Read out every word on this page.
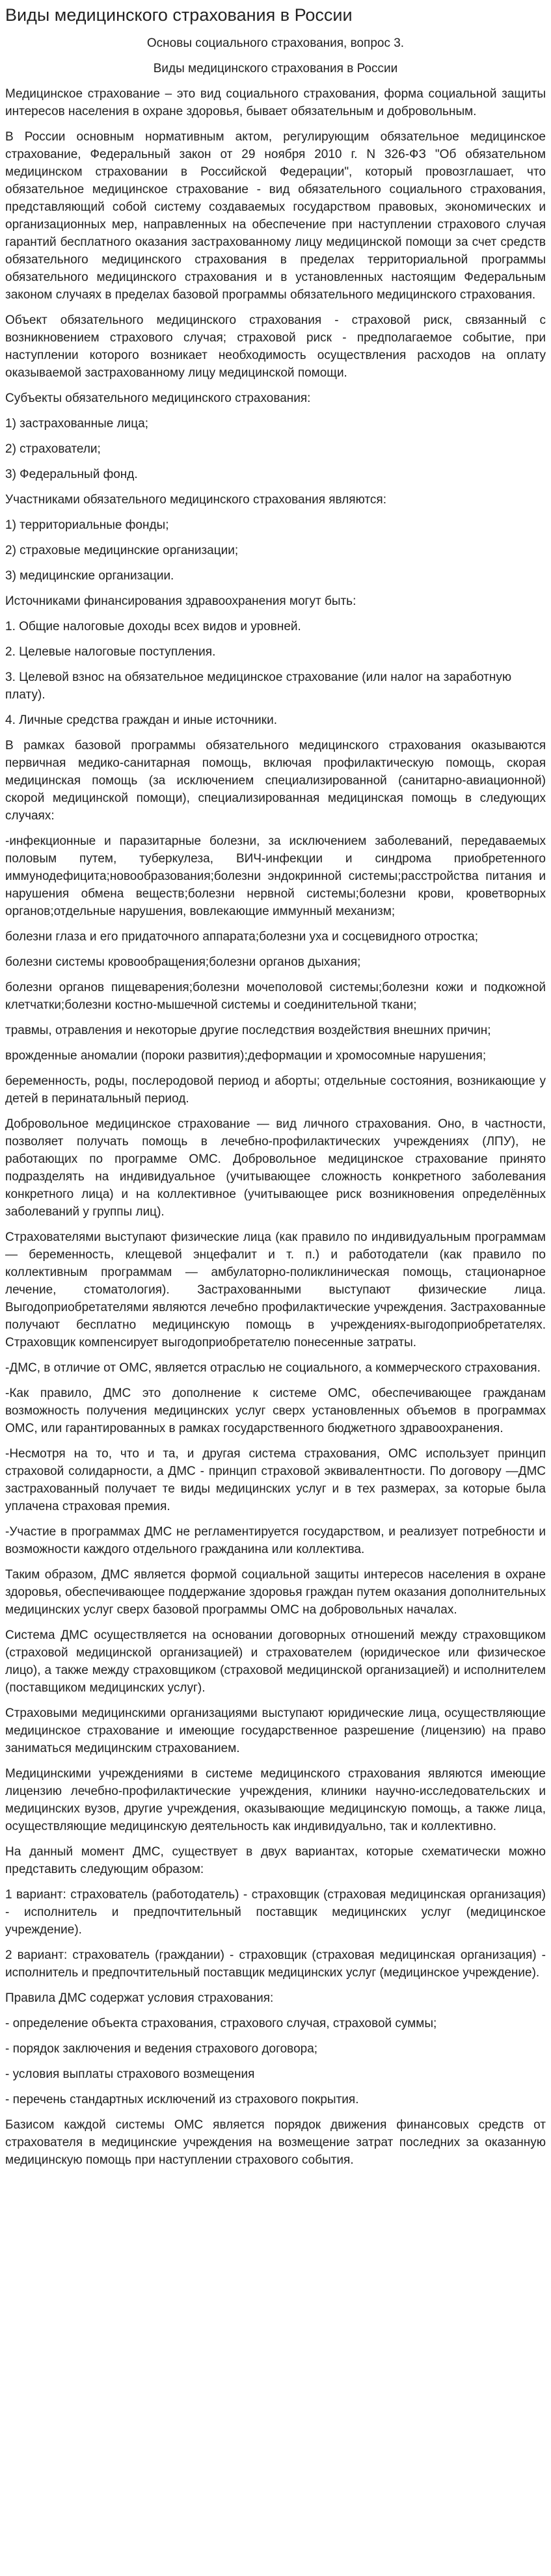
Виды медицинского страхования в России
Основы социального страхования, вопрос 3.
Виды медицинского страхования в России

Медицинское страхование – это вид социального страхования, форма социальной защиты интересов населения в охране здоровья, бывает обязательным и добровольным.

В России основным нормативным актом, регулирующим обязательное медицинское страхование, Федеральный закон от 29 ноября 2010 г. N 326-ФЗ "Об обязательном медицинском страховании в Российской Федерации", который провозглашает, что обязательное медицинское страхование - вид обязательного социального страхования, представляющий собой систему создаваемых государством правовых, экономических и организационных мер, направленных на обеспечение при наступлении страхового случая гарантий бесплатного оказания застрахованному лицу медицинской помощи за счет средств обязательного медицинского страхования в пределах территориальной программы обязательного медицинского страхования и в установленных настоящим Федеральным законом случаях в пределах базовой программы обязательного медицинского страхования.

Объект обязательного медицинского страхования - страховой риск, связанный с возникновением страхового случая; страховой риск - предполагаемое событие, при наступлении которого возникает необходимость осуществления расходов на оплату оказываемой застрахованному лицу медицинской помощи.

Субъекты обязательного медицинского страхования:

1) застрахованные лица;

2) страхователи;

3) Федеральный фонд.

Участниками обязательного медицинского страхования являются:

1) территориальные фонды;

2) страховые медицинские организации;

3) медицинские организации.

Источниками финансирования здравоохранения могут быть:

1. Общие налоговые доходы всех видов и уровней.

2. Целевые налоговые поступления.

3. Целевой взнос на обязательное медицинское страхование (или налог на заработную плату).

4. Личные средства граждан и иные источники.

В рамках базовой программы обязательного медицинского страхования оказываются первичная медико-санитарная помощь, включая профилактическую помощь, скорая медицинская помощь (за исключением специализированной (санитарно-авиационной) скорой медицинской помощи), специализированная медицинская помощь в следующих случаях:

-инфекционные и паразитарные болезни, за исключением заболеваний, передаваемых половым путем, туберкулеза, ВИЧ-инфекции и синдрома приобретенного иммунодефицита;новообразования;болезни эндокринной системы;расстройства питания и нарушения обмена веществ;болезни нервной системы;болезни крови, кроветворных органов;отдельные нарушения, вовлекающие иммунный механизм;

болезни глаза и его придаточного аппарата;болезни уха и сосцевидного отростка;

болезни системы кровообращения;болезни органов дыхания;

болезни органов пищеварения;болезни мочеполовой системы;болезни кожи и подкожной клетчатки;болезни костно-мышечной системы и соединительной ткани;

травмы, отравления и некоторые другие последствия воздействия внешних причин;

врожденные аномалии (пороки развития);деформации и хромосомные нарушения;

беременность, роды, послеродовой период и аборты; отдельные состояния, возникающие у детей в перинатальный период.

Добровольное медицинское страхование — вид личного страхования. Оно, в частности, позволяет получать помощь в лечебно-профилактических учреждениях (ЛПУ), не работающих по программе ОМС. Добровольное медицинское страхование принято подразделять на индивидуальное (учитывающее сложность конкретного заболевания конкретного лица) и на коллективное (учитывающее риск возникновения определённых заболеваний у группы лиц).

Страхователями выступают физические лица (как правило по индивидуальным программам — беременность, клещевой энцефалит и т. п.) и работодатели (как правило по коллективным программам — амбулаторно-поликлиническая помощь, стационарное лечение, стоматология). Застрахованными выступают физические лица. Выгодоприобретателями являются лечебно профилактические учреждения. Застрахованные получают бесплатно медицинскую помощь в учреждениях-выгодоприобретателях. Страховщик компенсирует выгодоприобретателю понесенные затраты.

-ДМС, в отличие от ОМС, является отраслью не социального, а коммерческого страхования.

-Как правило, ДМС это дополнение к системе ОМС, обеспечивающее гражданам возможность получения медицинских услуг сверх установленных объемов в программах ОМС, или гарантированных в рамках государственного бюджетного здравоохранения.

-Несмотря на то, что и та, и другая система страхования, ОМС использует принцип страховой солидарности, а ДМС - принцип страховой эквивалентности. По договору —ДМС застрахованный получает те виды медицинских услуг и в тех размерах, за которые была уплачена страховая премия.

-Участие в программах ДМС не регламентируется государством, и реализует потребности и возможности каждого отдельного гражданина или коллектива.

Таким образом, ДМС является формой социальной защиты интересов населения в охране здоровья, обеспечивающее поддержание здоровья граждан путем оказания дополнительных медицинских услуг сверх базовой программы ОМС на добровольных началах.

Система ДМС осуществляется на основании договорных отношений между страховщиком (страховой медицинской организацией) и страхователем (юридическое или физическое лицо), а также между страховщиком (страховой медицинской организацией) и исполнителем (поставщиком медицинских услуг).

Страховыми медицинскими организациями выступают юридические лица, осуществляющие медицинское страхование и имеющие государственное разрешение (лицензию) на право заниматься медицинским страхованием.

Медицинскими учреждениями в системе медицинского страхования являются имеющие лицензию лечебно-профилактические учреждения, клиники научно-исследовательских и медицинских вузов, другие учреждения, оказывающие медицинскую помощь, а также лица, осуществляющие медицинскую деятельность как индивидуально, так и коллективно.

На данный момент ДМС, существует в двух вариантах, которые схематически можно представить следующим образом:

1 вариант: страхователь (работодатель) - страховщик (страховая медицинская организация) - исполнитель и предпочтительный поставщик медицинских услуг (медицинское учреждение).

2 вариант: страхователь (граждании) - страховщик (страховая медицинская организация) - исполнитель и предпочтительный поставщик медицинских услуг (медицинское учреждение).

Правила ДМС содержат условия страхования:

- определение объекта страхования, страхового случая, страховой суммы;

- порядок заключения и ведения страхового договора;

- условия выплаты страхового возмещения

- перечень стандартных исключений из страхового покрытия.

Базисом каждой системы ОМС является порядок движения финансовых средств от страхователя в медицинские учреждения на возмещение затрат последних за оказанную медицинскую помощь при наступлении страхового события.
